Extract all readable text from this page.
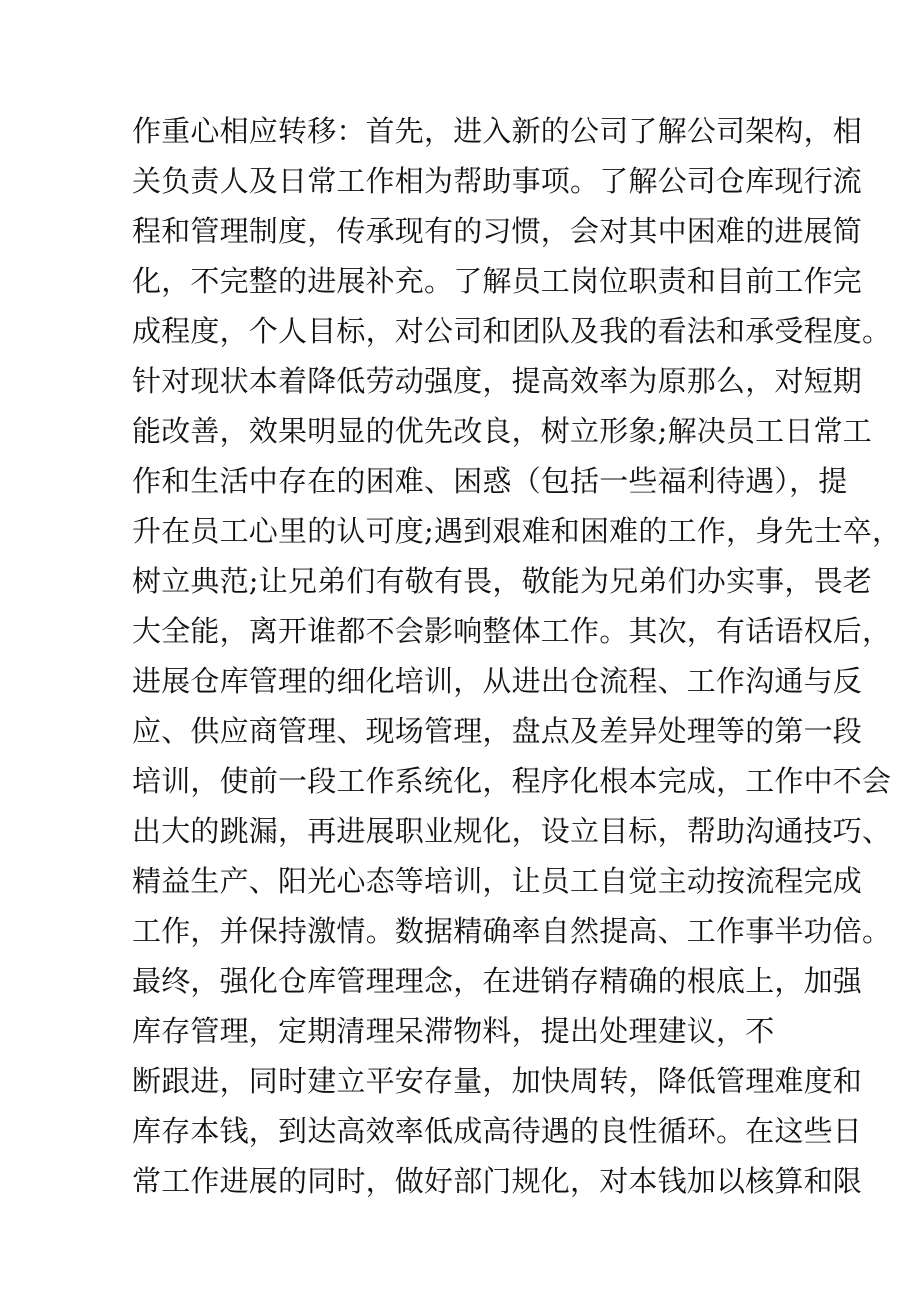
作重心相应转移：首先，进入新的公司了解公司架构，相
关负责人及日常工作相为帮助事项。了解公司仓库现行流
程和管理制度，传承现有的习惯，会对其中困难的进展简
化，不完整的进展补充。了解员工岗位职责和目前工作完
成程度，个人目标，对公司和团队及我的看法和承受程度。
针对现状本着降低劳动强度，提高效率为原那么，对短期
能改善，效果明显的优先改良，树立形象;解决员工日常工
作和生活中存在的困难、困惑（包括一些福利待遇），提
升在员工心里的认可度;遇到艰难和困难的工作，身先士卒，
树立典范;让兄弟们有敬有畏，敬能为兄弟们办实事，畏老
大全能，离开谁都不会影响整体工作。其次，有话语权后，
进展仓库管理的细化培训，从进出仓流程、工作沟通与反
应、供应商管理、现场管理，盘点及差异处理等的第一段
培训，使前一段工作系统化，程序化根本完成，工作中不会
出大的跳漏，再进展职业规化，设立目标，帮助沟通技巧、
精益生产、阳光心态等培训，让员工自觉主动按流程完成
工作，并保持激情。数据精确率自然提高、工作事半功倍。
最终，强化仓库管理理念，在进销存精确的根底上，加强
库存管理，定期清理呆滞物料，提出处理建议，不
断跟进，同时建立平安存量，加快周转，降低管理难度和
库存本钱，到达高效率低成高待遇的良性循环。在这些日
常工作进展的同时，做好部门规化，对本钱加以核算和限
